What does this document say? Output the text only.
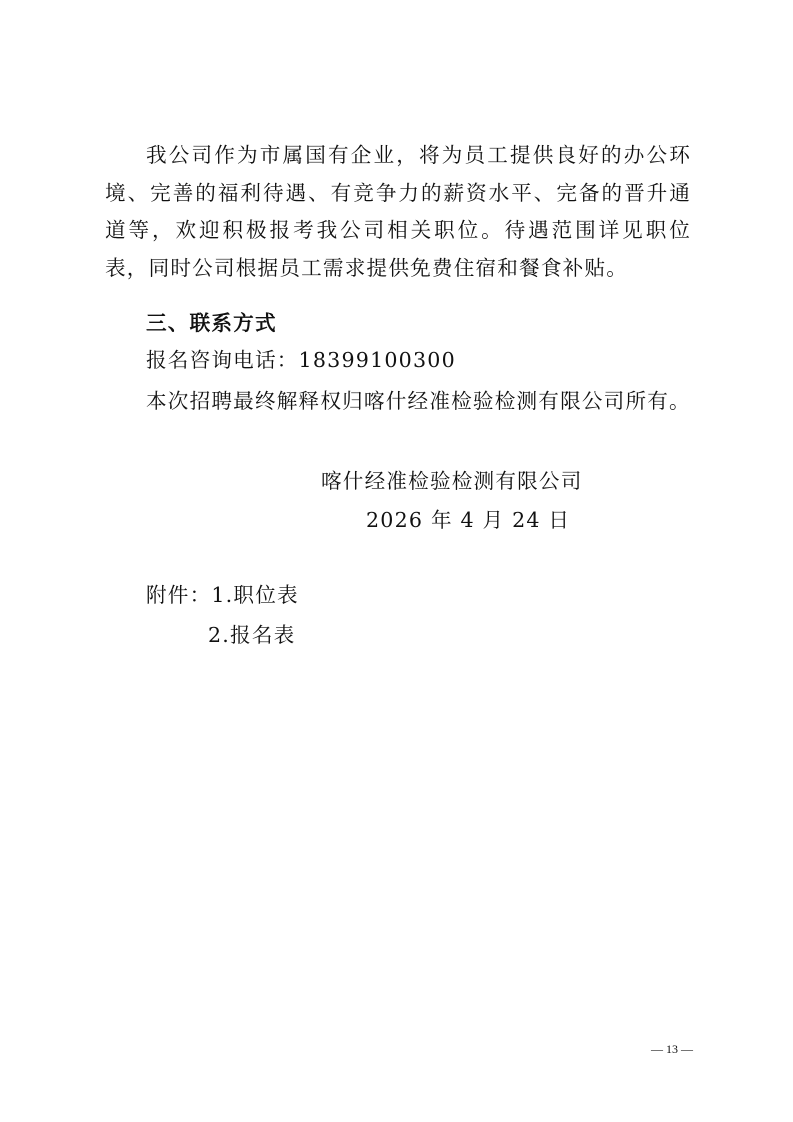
我公司作为市属国有企业，将为员工提供良好的办公环境、完善的福利待遇、有竞争力的薪资水平、完备的晋升通道等，欢迎积极报考我公司相关职位。待遇范围详见职位表，同时公司根据员工需求提供免费住宿和餐食补贴。

三、联系方式

报名咨询电话：18399100300

本次招聘最终解释权归喀什经准检验检测有限公司所有。

喀什经准检验检测有限公司

2026 年 4 月 24 日

附件：1.职位表

2.报名表

— 13 —
